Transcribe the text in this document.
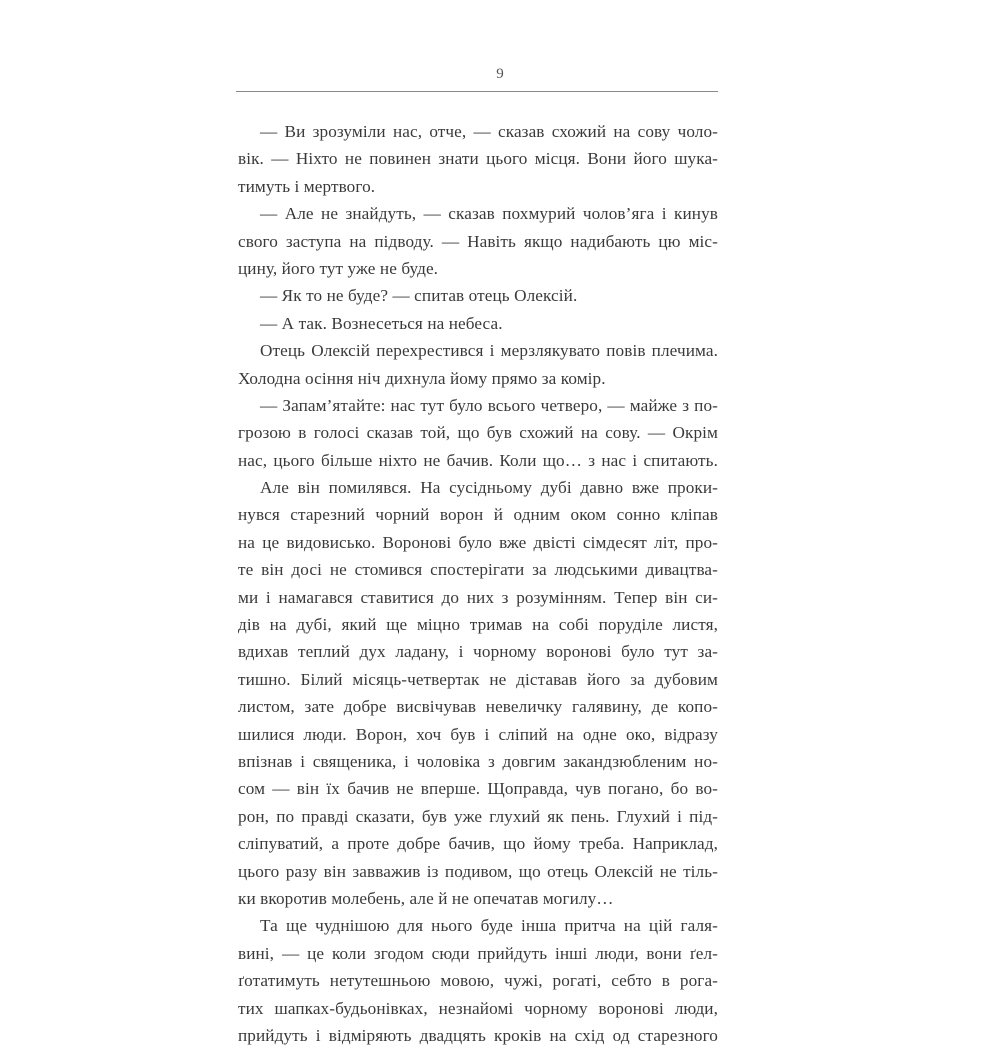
9
— Ви зрозуміли нас, отче, — сказав схожий на сову чоло-
вік. — Ніхто не повинен знати цього місця. Вони його шука-
тимуть і мертвого.
— Але не знайдуть, — сказав похмурий чолов’яга і кинув
свого заступа на підводу. — Навіть якщо надибають цю міс-
цину, його тут уже не буде.
— Як то не буде? — спитав отець Олексій.
— А так. Вознесеться на небеса.
Отець Олексій перехрестився і мерзлякувато повів плечима.
Холодна осіння ніч дихнула йому прямо за комір.
— Запам’ятайте: нас тут було всього четверо, — майже з по-
грозою в голосі сказав той, що був схожий на сову. — Окрім
нас, цього більше ніхто не бачив. Коли що… з нас і спитають.
Але він помилявся. На сусідньому дубі давно вже проки-
нувся старезний чорний ворон й одним оком сонно кліпав
на це видовисько. Воронові було вже двісті сімдесят літ, про-
те він досі не стомився спостерігати за людськими дивацтва-
ми і намагався ставитися до них з розумінням. Тепер він си-
дів на дубі, який ще міцно тримав на собі поруділе листя,
вдихав теплий дух ладану, і чорному воронові було тут за-
тишно. Білий місяць-четвертак не діставав його за дубовим
листом, зате добре висвічував невеличку галявину, де копо-
шилися люди. Ворон, хоч був і сліпий на одне око, відразу
впізнав і священика, і чоловіка з довгим закандзюбленим но-
сом — він їх бачив не вперше. Щоправда, чув погано, бо во-
рон, по правді сказати, був уже глухий як пень. Глухий і під-
сліпуватий, а проте добре бачив, що йому треба. Наприклад,
цього разу він завважив із подивом, що отець Олексій не тіль-
ки вкоротив молебень, але й не опечатав могилу…
Та ще чуднішою для нього буде інша притча на цій галя-
вині, — це коли згодом сюди прийдуть інші люди, вони ґел-
ґотатимуть нетутешньою мовою, чужі, рогаті, себто в рога-
тих шапках-будьонівках, незнайомі чорному воронові люди,
прийдуть і відміряють двадцять кроків на схід од старезного
